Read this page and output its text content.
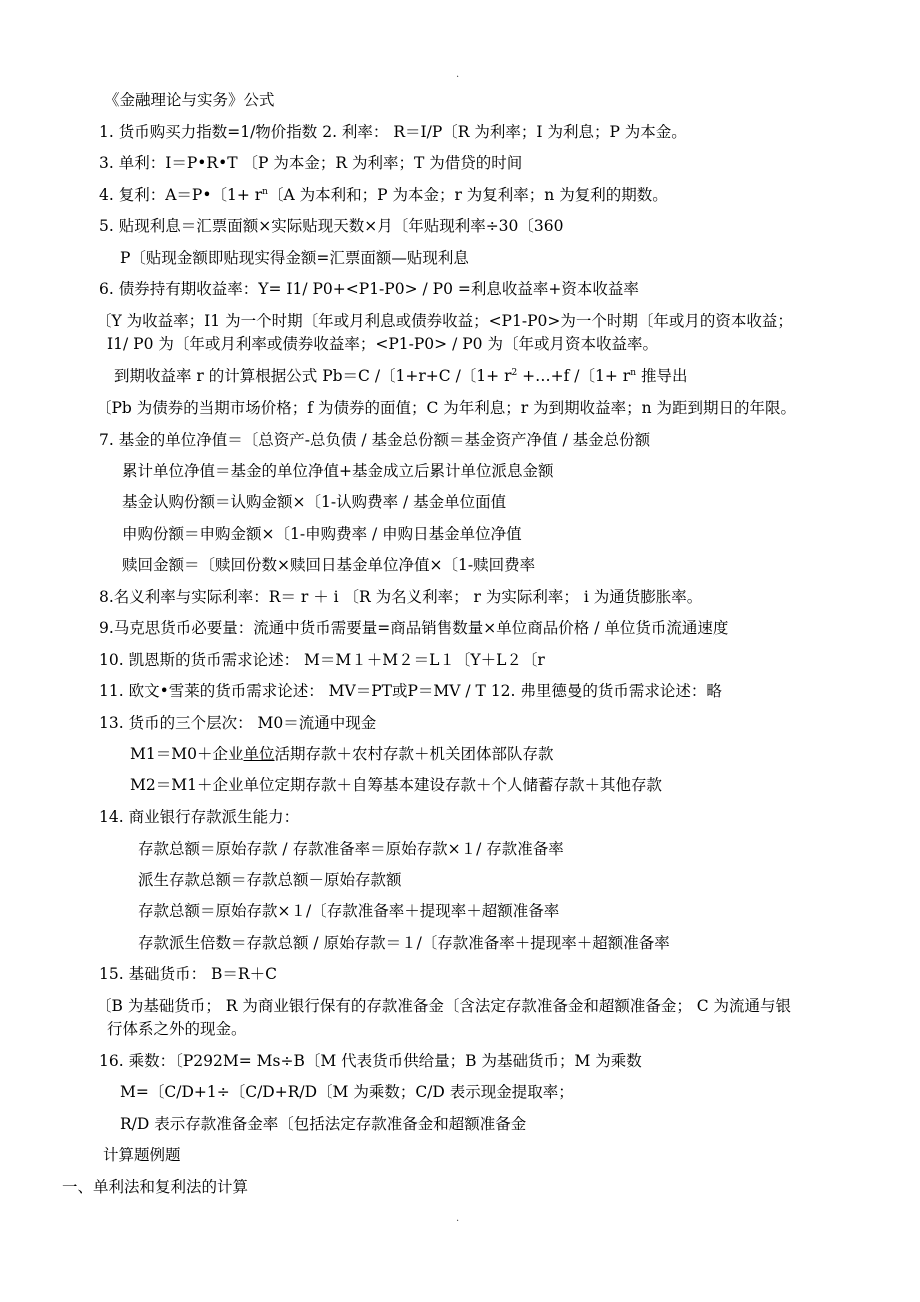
.
《金融理论与实务》公式
1. 货币购买力指数=1/物价指数 2. 利率： R＝I/P〔R 为利率；I 为利息；P 为本金。
3. 单利：I＝P•R•T 〔P 为本金；R 为利率；T 为借贷的时间
4. 复利：A＝P•〔$1+ r^n$〔A 为本利和；P 为本金；r 为复利率；n 为复利的期数。
5. 贴现利息＝汇票面额×实际贴现天数×月〔年贴现利率÷30〔360
P〔贴现金额即贴现实得金额=汇票面额—贴现利息
6. 债券持有期收益率：Y= I1/ P0+<P1-P0> / P0 =利息收益率+资本收益率
〔Y 为收益率；I1 为一个时期〔年或月利息或债券收益；<P1-P0>为一个时期〔年或月的资本收益；
I1/ P0 为〔年或月利率或债券收益率；<P1-P0> / P0 为〔年或月资本收益率。
到期收益率 r 的计算根据公式 Pb＝C /〔1+r+C /〔$1+ r^2$ +…+f /〔$1+ r^n$ 推导出
〔Pb 为债券的当期市场价格；f 为债券的面值；C 为年利息；r 为到期收益率；n 为距到期日的年限。
7. 基金的单位净值＝〔总资产-总负债 / 基金总份额＝基金资产净值 / 基金总份额
累计单位净值＝基金的单位净值+基金成立后累计单位派息金额
基金认购份额＝认购金额×〔1-认购费率 / 基金单位面值
申购份额＝申购金额×〔1-申购费率 / 申购日基金单位净值
赎回金额＝〔赎回份数×赎回日基金单位净值×〔1-赎回费率
8.名义利率与实际利率：R＝ r ＋ i 〔R 为名义利率； r 为实际利率； i 为通货膨胀率。
9.马克思货币必要量：流通中货币需要量=商品销售数量×单位商品价格 / 单位货币流通速度
10. 凯恩斯的货币需求论述： M＝M１＋M２＝L１〔Y＋L２〔r
11. 欧文•雪莱的货币需求论述： MV＝PT或P＝MV / T 12. 弗里德曼的货币需求论述：略
13. 货币的三个层次： M0＝流通中现金
M1＝M0＋企业单位活期存款＋农村存款＋机关团体部队存款
M2＝M1＋企业单位定期存款＋自筹基本建设存款＋个人储蓄存款＋其他存款
14. 商业银行存款派生能力：
存款总额＝原始存款 / 存款准备率＝原始存款×１/ 存款准备率
派生存款总额＝存款总额－原始存款额
存款总额＝原始存款×１/〔存款准备率＋提现率＋超额准备率
存款派生倍数＝存款总额 / 原始存款＝１/〔存款准备率＋提现率＋超额准备率
15. 基础货币： B＝R＋C
〔B 为基础货币； R 为商业银行保有的存款准备金〔含法定存款准备金和超额准备金； C 为流通与银
行体系之外的现金。
16. 乘数：〔P292M= Ms÷B〔M 代表货币供给量；B 为基础货币；M 为乘数
M=〔C/D+1÷〔C/D+R/D〔M 为乘数；C/D 表示现金提取率；
R/D 表示存款准备金率〔包括法定存款准备金和超额准备金
计算题例题
一、单利法和复利法的计算
.
